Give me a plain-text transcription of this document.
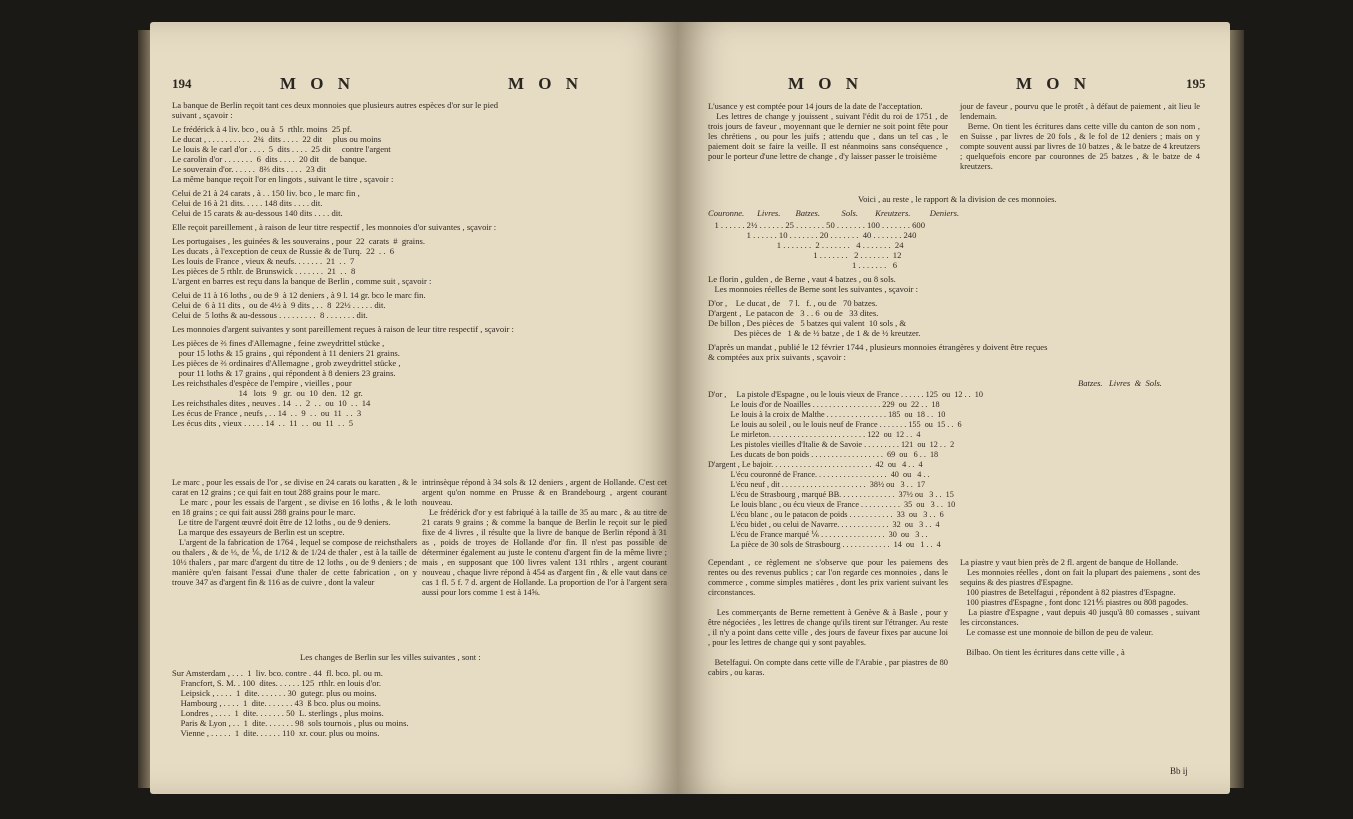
194	M O N	M O N
La banque de Berlin reçoit tant ces deux monnoies que plusieurs autres espèces d'or sur le pied
suivant , sçavoir :

Le frédérick à 4 liv. bco , ou à  5  rthlr. moins  25 pf.
Le ducat , . . . . . . . . . .  2¾  dits . . . .  22 dit     plus ou moins
Le louis & le carl d'or . . . .  5  dits . . . .  25 dit     contre l'argent
Le carolin d'or . . . . . . .  6  dits . . . .  20 dit     de banque.
Le souverain d'or. . . . . .  8⅔ dits . . . .  23 dit
La même banque reçoit l'or en lingots , suivant le titre , sçavoir :

Celui de 21 à 24 carats , à . . 150 liv. bco , le marc fin ,
Celui de 16 à 21 dits. . . . . 148 dits . . . . dit.
Celui de 15 carats & au-dessous 140 dits . . . . dit.

Elle reçoit pareillement , à raison de leur titre respectif , les monnoies d'or suivantes , sçavoir :

Les portugaises , les guinées & les souverains , pour  22  carats  #  grains.
Les ducats , à l'exception de ceux de Russie & de Turq.  22  . .  6
Les louis de France , vieux & neufs. . . . . . .  21  . .  7
Les pièces de 5 rthlr. de Brunswick . . . . . . .  21  . .  8
L'argent en barres est reçu dans la banque de Berlin , comme suit , sçavoir :

Celui de 11 à 16 loths , ou de 9  à 12 deniers , à 9 l. 14 gr. bco le marc fin.
Celui de  6 à 11 dits ,  ou de 4½ à  9 dits , . .  8  22½ . . . . . dit.
Celui de  5 loths & au-dessous . . . . . . . . .  8 . . . . . . . dit.

Les monnoies d'argent suivantes y sont pareillement reçues à raison de leur titre respectif , sçavoir :

Les pièces de ⅔ fines d'Allemagne , feine zweydrittel stücke ,
pour 15 loths & 15 grains , qui répondent à 11 deniers 21 grains.
Les pièces de ⅔ ordinaires d'Allemagne , grob zweydrittel stücke ,
pour 11 loths & 17 grains , qui répondent à 8 deniers 23 grains.
Les reichsthales d'espèce de l'empire , vieilles , pour
14   lots   9   gr.  ou  10  den.  12  gr.
Les reichsthales dites , neuves . 14  . .  2  . .  ou  10  . .  14
Les écus de France , neufs , . . 14  . .  9  . .  ou  11  . .  3
Les écus dits , vieux . . . . . 14  . .  11  . .  ou  11  . .  5
Le marc , pour les essais de l'or , se divise en 24 carats ou karatten , & le carat en 12 grains ; ce qui fait en tout 288 grains pour le marc.
Le marc , pour les essais de l'argent , se divise en 16 loths , & le loth en 18 grains ; ce qui fait aussi 288 grains pour le marc.
Le titre de l'argent œuvré doit être de 12 loths , ou de 9 deniers.
La marque des essayeurs de Berlin est un sceptre.
L'argent de la fabrication de 1764 , lequel se compose de reichsthalers ou thalers , & de ⅓, de ⅙, de 1/12 & de 1/24 de thaler , est à la taille de 10½ thalers , par marc d'argent du titre de 12 loths , ou de 9 deniers ; de manière qu'en faisant l'essai d'une thaler de cette fabrication , on y trouve 347 as d'argent fin & 116 as de cuivre , dont la valeur
intrinsèque répond à 34 sols & 12 deniers , argent de Hollande. C'est cet argent qu'on nomme en Prusse & en Brandebourg , argent courant nouveau.
Le frédérick d'or y est fabriqué à la taille de 35 au marc , & au titre de 21 carats 9 grains ; & comme la banque de Berlin le reçoit sur le pied fixe de 4 livres , il résulte que la livre de banque de Berlin répond à 31 as , poids de troyes de Hollande d'or fin. Il n'est pas possible de déterminer également au juste le contenu d'argent fin de la même livre ; mais , en supposant que 100 livres valent 131 rthlrs , argent courant nouveau , chaque livre répond à 454 as d'argent fin , & elle vaut dans ce cas 1 fl. 5 f. 7 d. argent de Hollande. La proportion de l'or à l'argent sera aussi pour lors comme 1 est à 14⅝.
Les changes de Berlin sur les villes suivantes , sont :
Sur Amsterdam , . . .  1  liv. bco. contre . 44  fl. bco. pl. ou m.
Francfort, S. M. . 100  dites. . . . . . 125  rthlr. en louis d'or.
Leipsick , . . . .  1  dite. . . . . . . 30  gutegr. plus ou moins.
Hambourg , . . . .  1  dite. . . . . . . 43  ß bco. plus ou moins.
Londres , . . . .  1  dite. . . . . . . 50  L. sterlings , plus moins.
Paris & Lyon , . .  1  dite. . . . . . . 98  sols tournois , plus ou moins.
Vienne , . . . . .  1  dite. . . . . . 110  xr. cour. plus ou moins.
M O N	M O N	195
L'usance y est comptée pour 14 jours de la date de l'acceptation.
Les lettres de change y jouissent , suivant l'édit du roi de 1751 , de trois jours de faveur , moyennant que le dernier ne soit point fête pour les chrétiens , ou pour les juifs ; attendu que , dans un tel cas , le paiement doit se faire la veille. Il est néanmoins sans conséquence , pour le porteur d'une lettre de change , d'y laisser passer le troisième
jour de faveur , pourvu que le protêt , à défaut de paiement , ait lieu le lendemain.
Berne. On tient les écritures dans cette ville du canton de son nom , en Suisse , par livres de 20 fols , & le fol de 12 deniers ; mais on y compte souvent aussi par livres de 10 batzes , & le batze de 4 kreutzers ; quelquefois encore par couronnes de 25 batzes , & le batze de 4 kreutzers.
Voici , au reste , le rapport & la division de ces monnoies.
Couronne.      Livres.       Batzes.          Sols.        Kreutzers.         Deniers.
1 . . . . . . 2½ . . . . . . 25 . . . . . . . 50 . . . . . . . 100 . . . . . . . 600
1 . . . . . . 10 . . . . . . . 20 . . . . . . .  40 . . . . . . . 240
1 . . . . . . .  2 . . . . . . .   4 . . . . . . .  24
1 . . . . . . .   2 . . . . . . .  12
1 . . . . . . .   6
Le florin , gulden , de Berne , vaut 4 batzes , ou 8 sols.
Les monnoies réelles de Berne sont les suivantes , sçavoir :

D'or ,    Le ducat , de    7 l.   f. , ou de   70 batzes.
D'argent ,  Le patacon de   3 . . 6  ou de   33 dites.
De billon , Des pièces de   5 batzes qui valent  10 sols , &
Des pièces de   1 & de ½ batze , de 1 & de ½ kreutzer.

D'après un mandat , publié le 12 février 1744 , plusieurs monnoies étrangères y doivent être reçues
& comptées aux prix suivants , sçavoir :
Batzes.   Livres  &  Sols.
D'or ,     La pistole d'Espagne , ou le louis vieux de France . . . . . . 125  ou  12 . .  10
Le louis d'or de Noailles . . . . . . . . . . . . . . . . . 229  ou  22 . .  18
Le louis à la croix de Malthe . . . . . . . . . . . . . . . 185  ou  18 . .  10
Le louis au soleil , ou le louis neuf de France . . . . . . . 155  ou  15 . .  6
Le mirleton. . . . . . . . . . . . . . . . . . . . . . . . 122  ou  12 . .  4
Les pistoles vieilles d'Italie & de Savoie . . . . . . . . . 121  ou  12 . .  2
Les ducats de bon poids . . . . . . . . . . . . . . . . . .  69  ou   6 . .  18
D'argent , Le bajoir. . . . . . . . . . . . . . . . . . . . . . . . .  42  ou   4 . .  4
L'écu couronné de France. . . . . . . . . . . . . . . . . .  40  ou   4 . .
L'écu neuf , dit . . . . . . . . . . . . . . . . . . . . .  38½ ou   3 . .  17
L'écu de Strasbourg , marqué BB. . . . . . . . . . . . . .  37½ ou   3 . .  15
Le louis blanc , ou écu vieux de France . . . . . . . . . .  35  ou   3 . .  10
L'écu blanc , ou le patacon de poids . . . . . . . . . . .  33  ou   3 . .  6
L'écu bidet , ou celui de Navarre. . . . . . . . . . . . .  32  ou   3 . .  4
L'écu de France marqué ⅙ . . . . . . . . . . . . . . . .  30  ou   3 . .
La pièce de 30 sols de Strasbourg . . . . . . . . . . . .  14  ou   1 . .  4
Cependant , ce règlement ne s'observe que pour les paiemens des rentes ou des revenus publics ; car l'on regarde ces monnoies , dans le commerce , comme simples matières , dont les prix varient suivant les circonstances.

Les commerçants de Berne remettent à Genève & à Basle , pour y être négociées , les lettres de change qu'ils tirent sur l'étranger. Au reste , il n'y a point dans cette ville , des jours de faveur fixes par aucune loi , pour les lettres de change qui y sont payables.

Betelfagui. On compte dans cette ville de l'Arabie , par piastres de 80 cabirs , ou karas.
La piastre y vaut bien près de 2 fl. argent de banque de Hollande.
Les monnoies réelles , dont on fait la plupart des paiemens , sont des sequins & des piastres d'Espagne.
100 piastres de Betelfagui , répondent à 82 piastres d'Espagne.
100 piastres d'Espagne , font donc 121⅘ piastres ou 808 pagodes.
La piastre d'Espagne , vaut depuis 40 jusqu'à 80 comasses , suivant les circonstances.
Le comasse est une monnoie de billon de peu de valeur.

Bilbao. On tient les écritures dans cette ville , à
Bb ij
